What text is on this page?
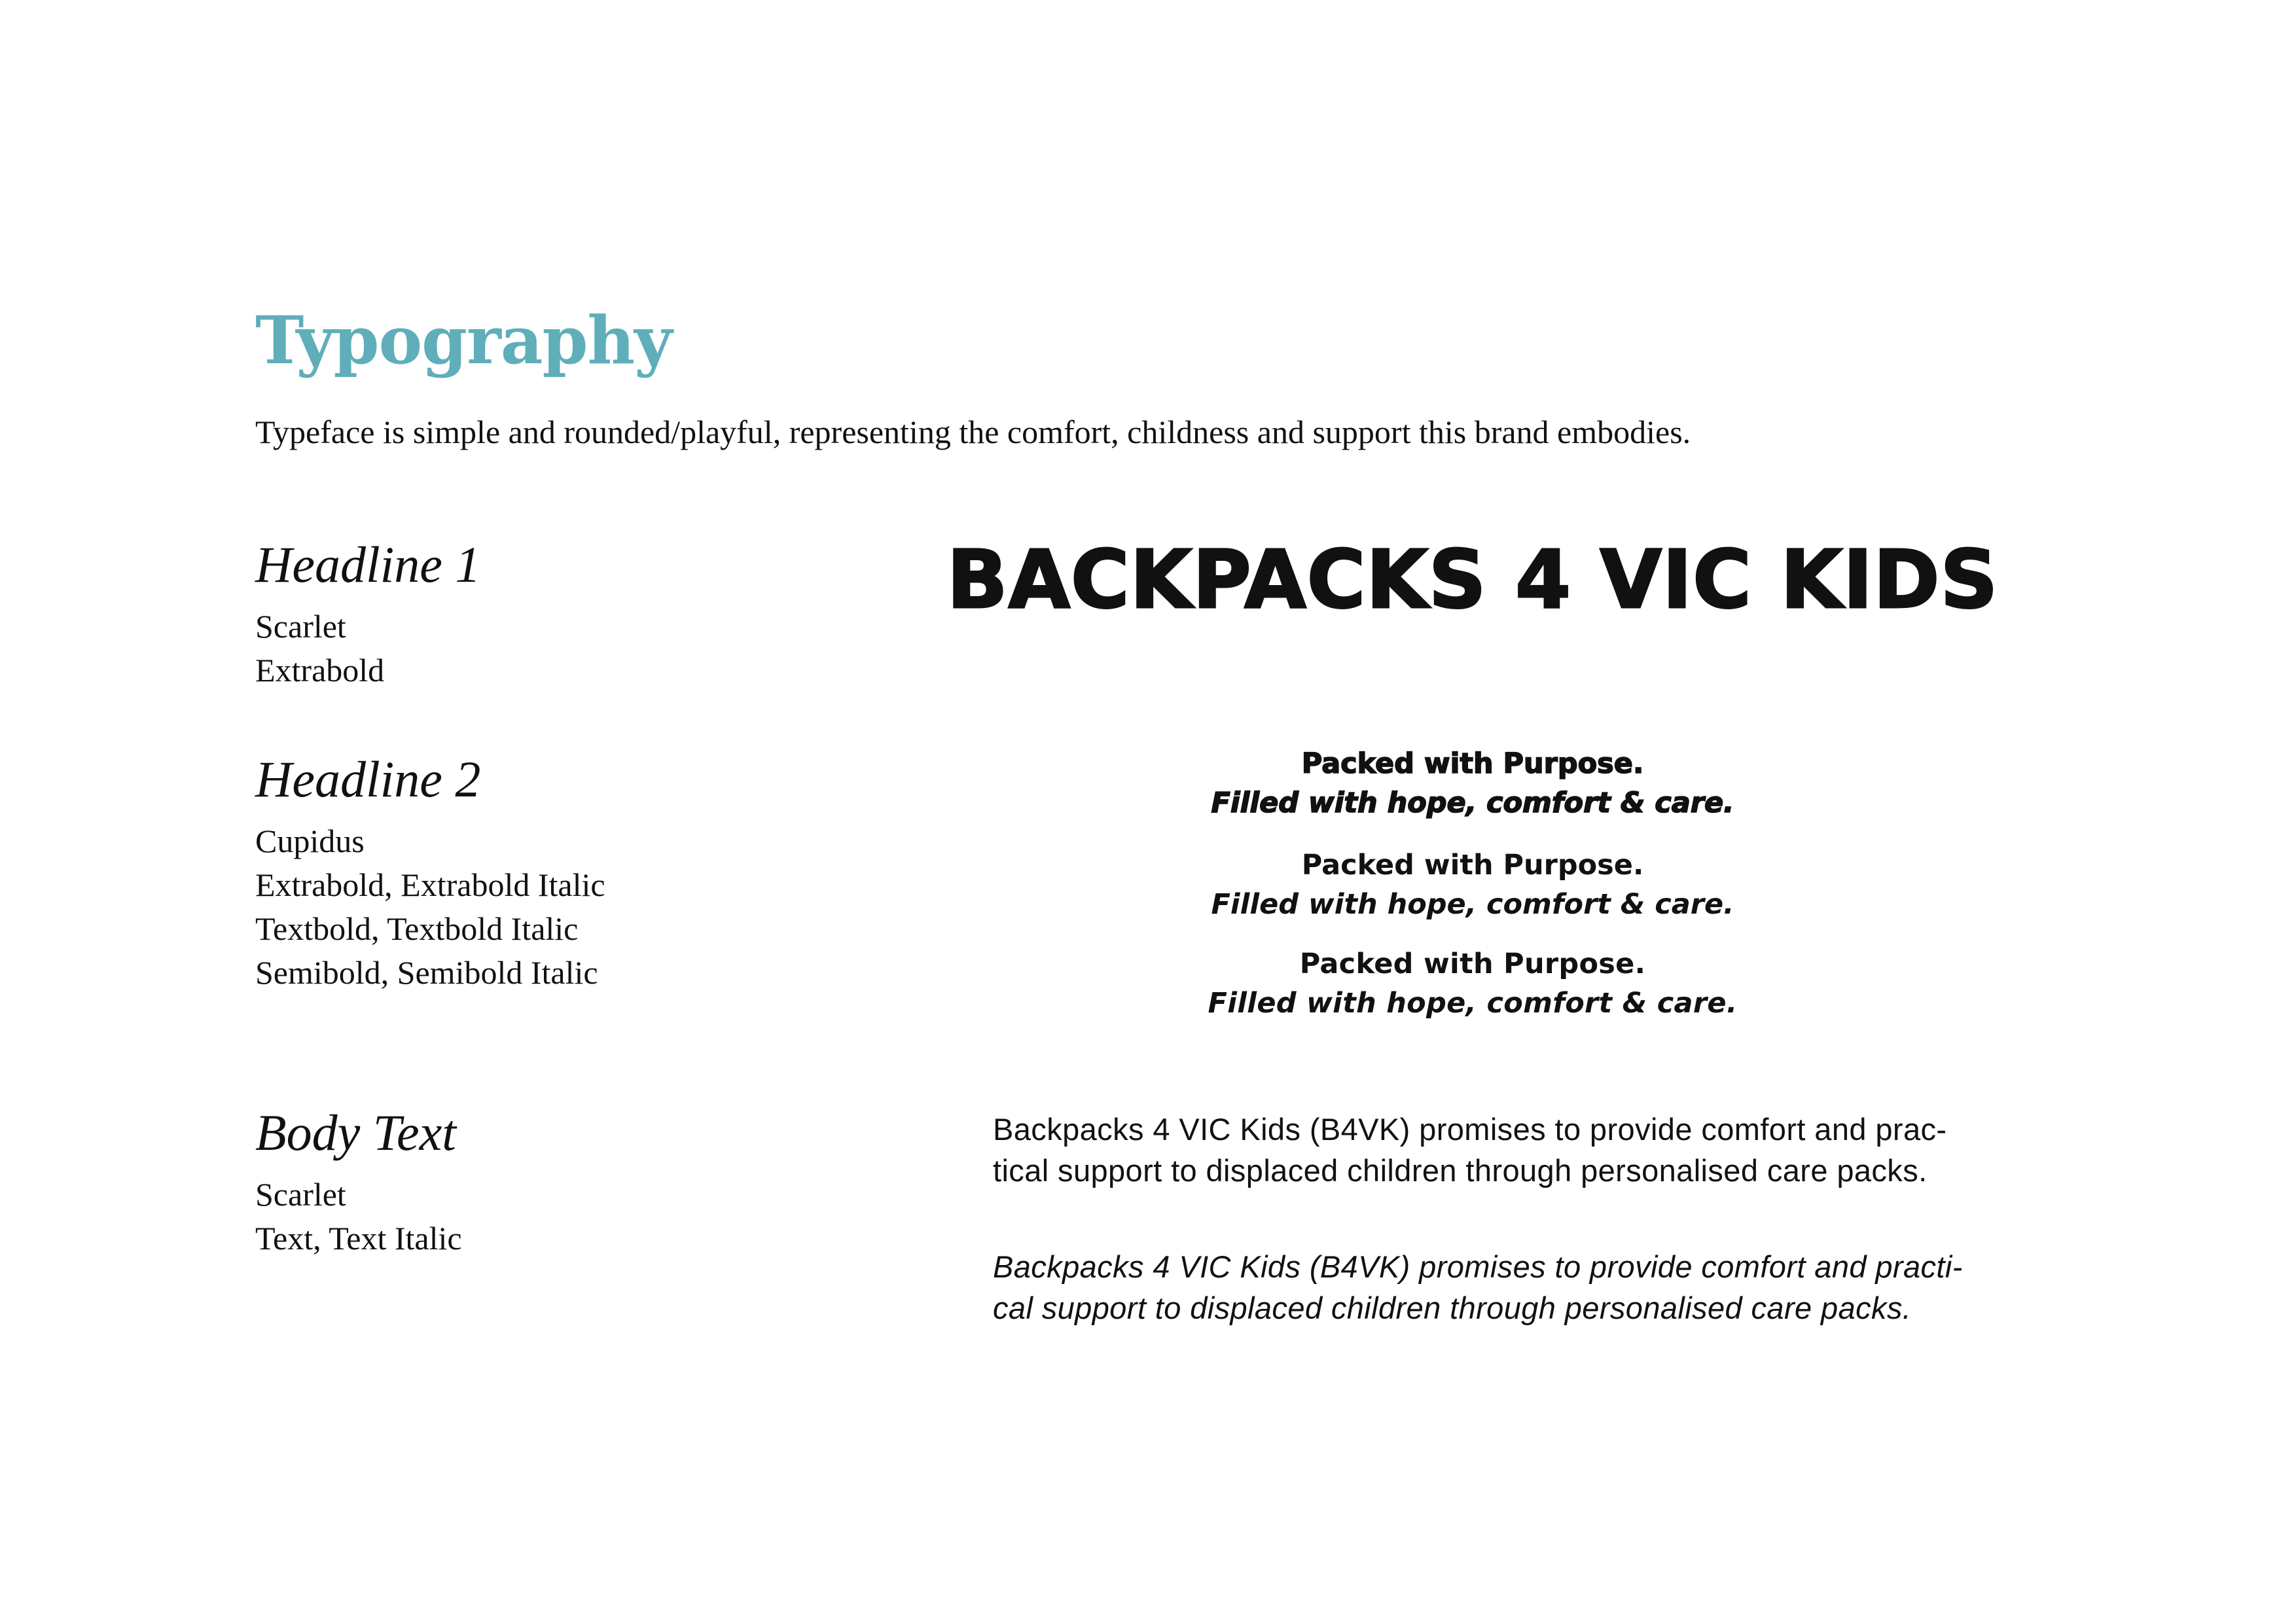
Typography

Typeface is simple and rounded/playful, representing the comfort, childness and support this brand embodies.

Headline 1

Scarlet

Extrabold

Headline 2

Cupidus

Extrabold, Extrabold Italic

Textbold, Textbold Italic

Semibold, Semibold Italic

Body Text

Scarlet

Text, Text Italic

BACKPACKS 4 VIC KIDS

Packed with Purpose.

Filled with hope, comfort & care.

Packed with Purpose.

Filled with hope, comfort & care.

Packed with Purpose.

Filled with hope, comfort & care.

Backpacks 4 VIC Kids (B4VK) promises to provide comfort and prac-
tical support to displaced children through personalised care packs.

Backpacks 4 VIC Kids (B4VK) promises to provide comfort and practi-
cal support to displaced children through personalised care packs.
